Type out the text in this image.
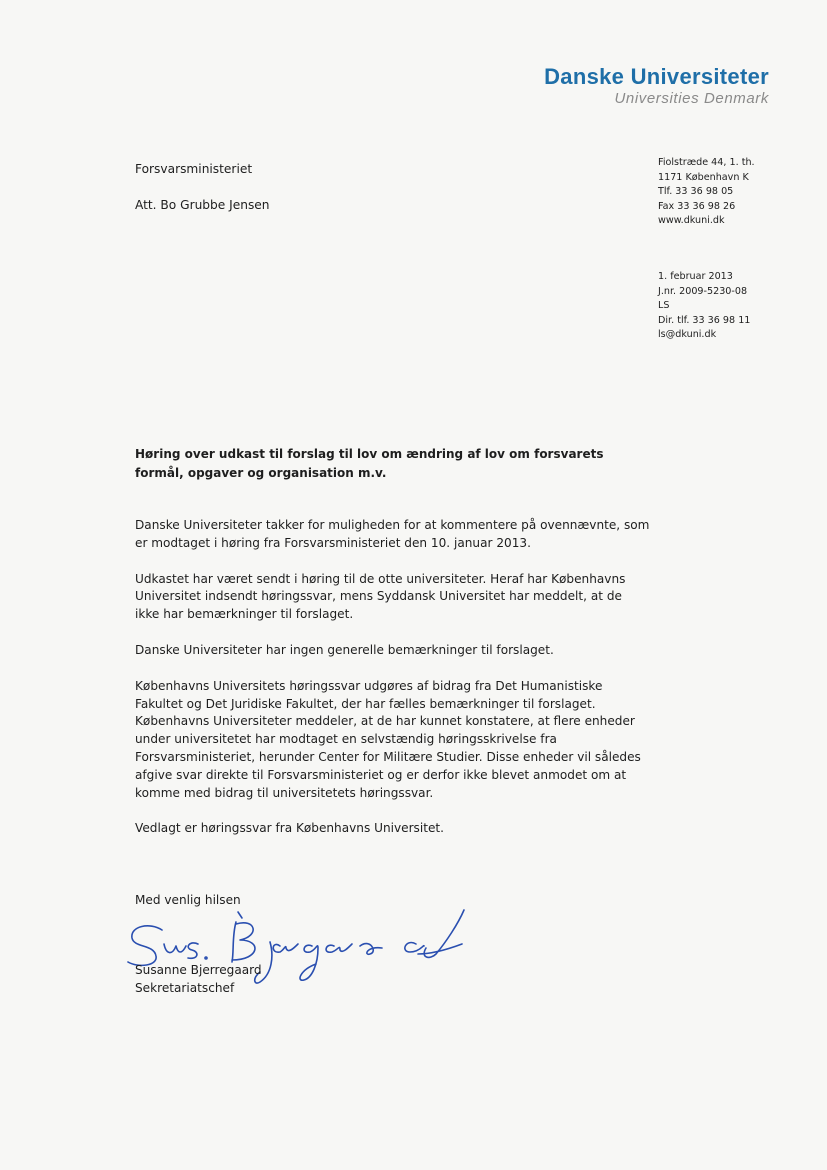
Danske Universiteter
Universities Denmark
Forsvarsministeriet
Att. Bo Grubbe Jensen
Fiolstræde 44, 1. th.
1171 København K
Tlf. 33 36 98 05
Fax 33 36 98 26
www.dkuni.dk
1. februar 2013
J.nr. 2009-5230-08
LS
Dir. tlf. 33 36 98 11
ls@dkuni.dk
Høring over udkast til forslag til lov om ændring af lov om forsvarets formål, opgaver og organisation m.v.

Danske Universiteter takker for muligheden for at kommentere på ovennævnte, som er modtaget i høring fra Forsvarsministeriet den 10. januar 2013.

Udkastet har været sendt i høring til de otte universiteter. Heraf har Københavns Universitet indsendt høringssvar, mens Syddansk Universitet har meddelt, at de ikke har bemærkninger til forslaget.

Danske Universiteter har ingen generelle bemærkninger til forslaget.

Københavns Universitets høringssvar udgøres af bidrag fra Det Humanistiske Fakultet og Det Juridiske Fakultet, der har fælles bemærkninger til forslaget. Københavns Universiteter meddeler, at de har kunnet konstatere, at flere enheder under universitetet har modtaget en selvstændig høringsskrivelse fra Forsvarsministeriet, herunder Center for Militære Studier. Disse enheder vil således afgive svar direkte til Forsvarsministeriet og er derfor ikke blevet anmodet om at komme med bidrag til universitetets høringssvar.

Vedlagt er høringssvar fra Københavns Universitet.

Med venlig hilsen
Susanne Bjerregaard
Sekretariatschef
